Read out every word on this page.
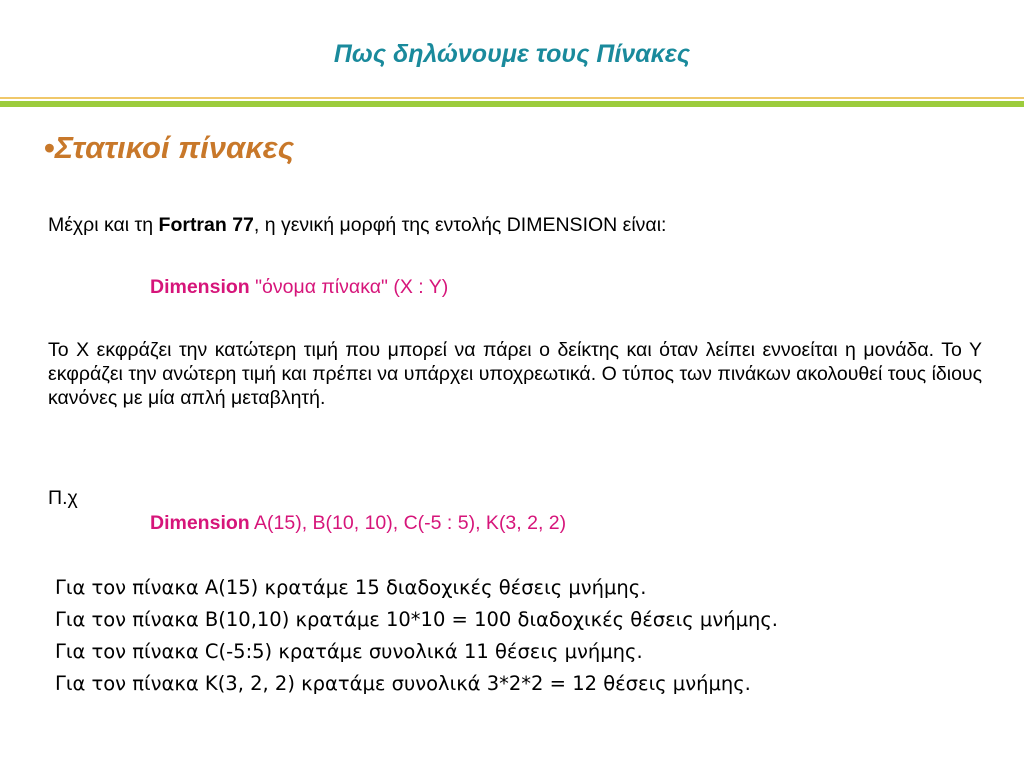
Πως δηλώνουμε τους Πίνακες
•Στατικοί πίνακες
Μέχρι και τη Fortran 77, η γενική μορφή της εντολής DIMENSION είναι:
Dimension "όνομα πίνακα" (X : Y)
Το Χ εκφράζει την κατώτερη τιμή που μπορεί να πάρει ο δείκτης και όταν λείπει εννοείται η μονάδα. Το Υ εκφράζει την ανώτερη τιμή και πρέπει να υπάρχει υποχρεωτικά. Ο τύπος των πινάκων ακολουθεί τους ίδιους κανόνες με μία απλή μεταβλητή.
Π.χ
Dimension A(15), B(10, 10), C(-5 : 5), K(3, 2, 2)
Για τον πίνακα Α(15) κρατάμε 15 διαδοχικές θέσεις μνήμης.
Για τον πίνακα Β(10,10) κρατάμε 10*10 = 100 διαδοχικές θέσεις μνήμης.
Για τον πίνακα C(-5:5) κρατάμε συνολικά 11 θέσεις μνήμης.
Για τον πίνακα Κ(3, 2, 2) κρατάμε συνολικά 3*2*2 = 12 θέσεις μνήμης.
